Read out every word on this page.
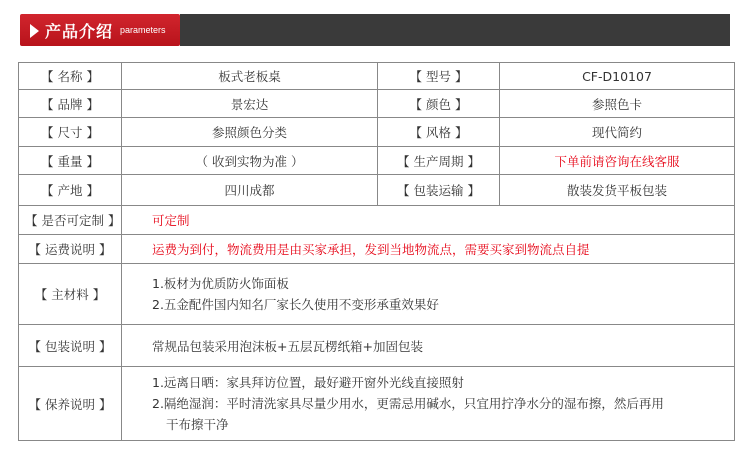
产品介绍 parameters
【 名称 】	板式老板桌	【 型号 】	CF-D10107
【 品牌 】	景宏达	【 颜色 】	参照色卡
【 尺寸 】	参照颜色分类	【 风格 】	现代简约
【 重量 】	（ 收到实物为准 ）	【 生产周期 】	下单前请咨询在线客服
【 产地 】	四川成都	【 包装运输 】	散装发货平板包装
【 是否可定制 】	可定制		
【 运费说明 】	运费为到付，物流费用是由买家承担，发到当地物流点，需要买家到物流点自提		
【 主材料 】	1.板材为优质防火饰面板
2.五金配件国内知名厂家长久使用不变形承重效果好		

【 包装说明 】	常规品包装采用泡沫板+五层瓦楞纸箱+加固包装		
【 保养说明 】	1.远离日晒：家具拜访位置，最好避开窗外光线直接照射
2.隔绝湿润：平时清洗家具尽量少用水，更需忌用碱水，只宜用拧净水分的湿布擦，然后再用
干布擦干净		
